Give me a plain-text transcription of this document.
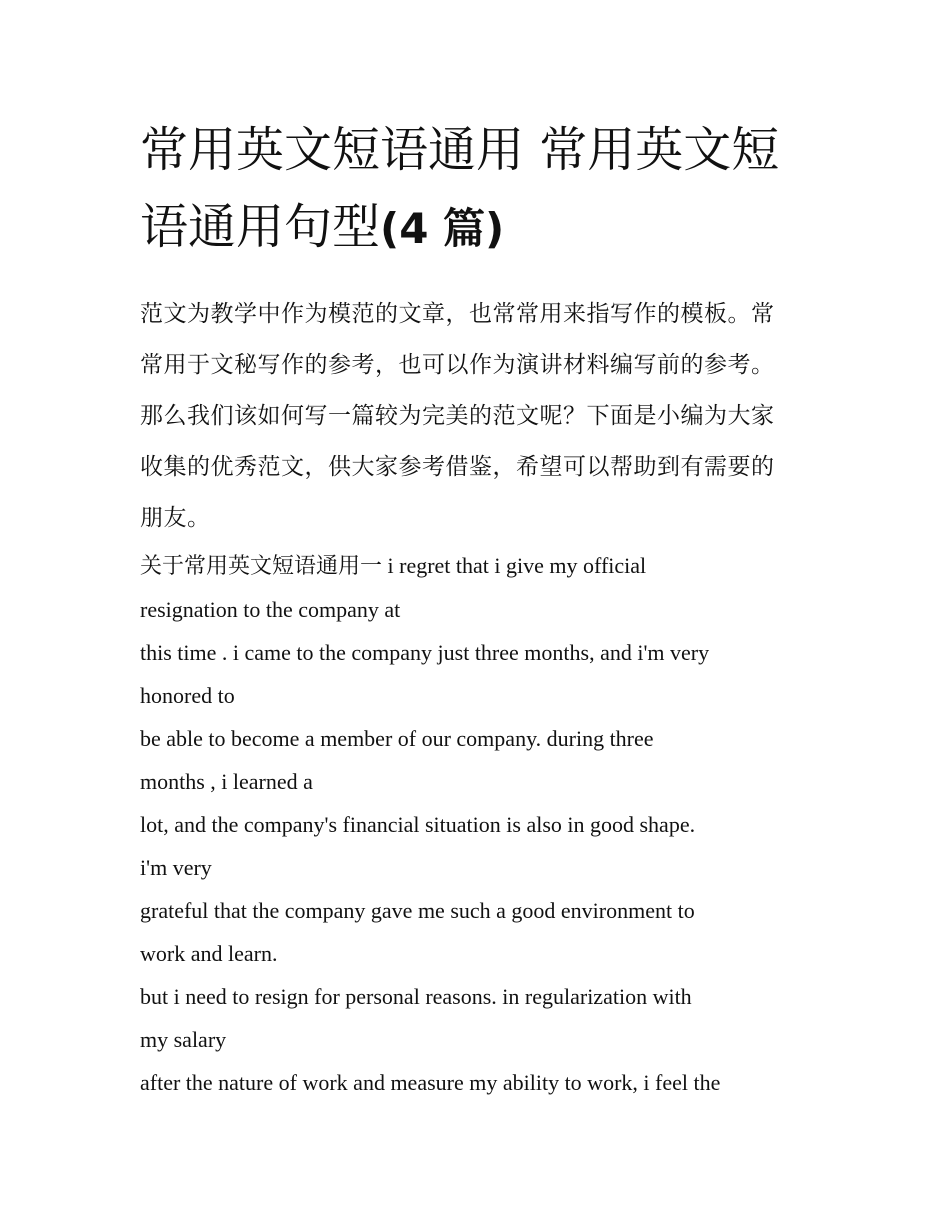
常用英文短语通用 常用英文短
语通用句型(4 篇)
范文为教学中作为模范的文章，也常常用来指写作的模板。常
常用于文秘写作的参考，也可以作为演讲材料编写前的参考。
那么我们该如何写一篇较为完美的范文呢？下面是小编为大家
收集的优秀范文，供大家参考借鉴，希望可以帮助到有需要的
朋友。
关于常用英文短语通用一 i regret that i give my official
resignation to the company at
this time . i came to the company just three months, and i'm very
honored to
be able to become a member of our company. during three
months , i learned a
lot, and the company's financial situation is also in good shape.
i'm very
grateful that the company gave me such a good environment to
work and learn.
but i need to resign for personal reasons. in regularization with
my salary
after the nature of work and measure my ability to work, i feel the
